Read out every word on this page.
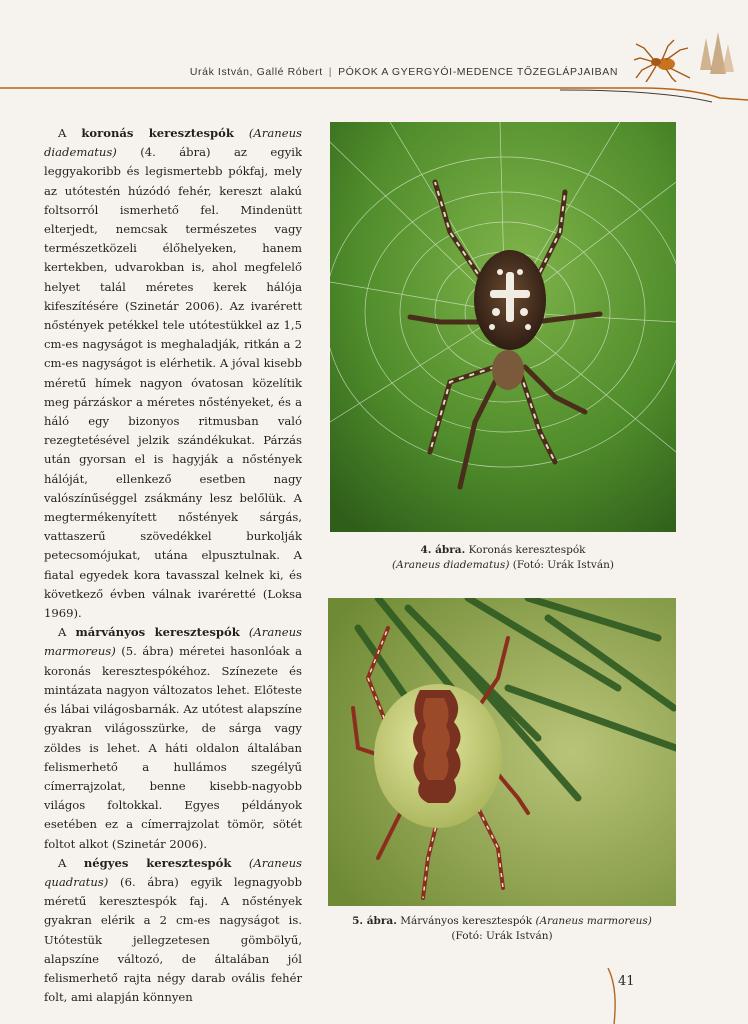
Urák István, Gallé Róbert | PÓKOK A GYERGYÓI-MEDENCE TŐZEGLÁPJAIBAN

A koronás keresztespók (Araneus diadematus) (4. ábra) az egyik leggyakoribb és legismertebb pókfaj, mely az utótestén húzódó fehér, kereszt alakú foltsorról ismerhető fel. Mindenütt elterjedt, nemcsak természetes vagy természetközeli élőhelyeken, hanem kertekben, udvarokban is, ahol megfelelő helyet talál méretes kerek hálója kifeszítésére (Szinetár 2006). Az ivarérett nőstények petékkel tele utótestükkel az 1,5 cm-es nagyságot is meghaladják, ritkán a 2 cm-es nagyságot is elérhetik. A jóval kisebb méretű hímek nagyon óvatosan közelítik meg párzáskor a méretes nőstényeket, és a háló egy bizonyos ritmusban való rezegtetésével jelzik szándékukat. Párzás után gyorsan el is hagyják a nőstények hálóját, ellenkező esetben nagy valószínűséggel zsákmány lesz belőlük. A megtermékenyített nőstények sárgás, vattaszerű szövedékkel burkolják petecsomójukat, utána elpusztulnak. A fiatal egyedek kora tavasszal kelnek ki, és következő évben válnak ivaréretté (Loksa 1969).

A márványos keresztespók (Araneus marmoreus) (5. ábra) méretei hasonlóak a koronás keresztespókéhoz. Színezete és mintázata nagyon változatos lehet. Előteste és lábai világosbarnák. Az utótest alapszíne gyakran világosszürke, de sárga vagy zöldes is lehet. A háti oldalon általában felismerhető a hullámos szegélyű címerrajzolat, benne kisebb-nagyobb világos foltokkal. Egyes példányok esetében ez a címerrajzolat tömör, sötét foltot alkot (Szinetár 2006).

A négyes keresztespók (Araneus quadratus) (6. ábra) egyik legnagyobb méretű keresztespók faj. A nőstények gyakran elérik a 2 cm-es nagyságot is. Utótestük jellegzetesen gömbölyű, alapszíne változó, de általában jól felismerhető rajta négy darab ovális fehér folt, ami alapján könnyen

4. ábra. Koronás keresztespók
(Araneus diadematus) (Fotó: Urák István)
5. ábra. Márványos keresztespók (Araneus marmoreus)
(Fotó: Urák István)
41
